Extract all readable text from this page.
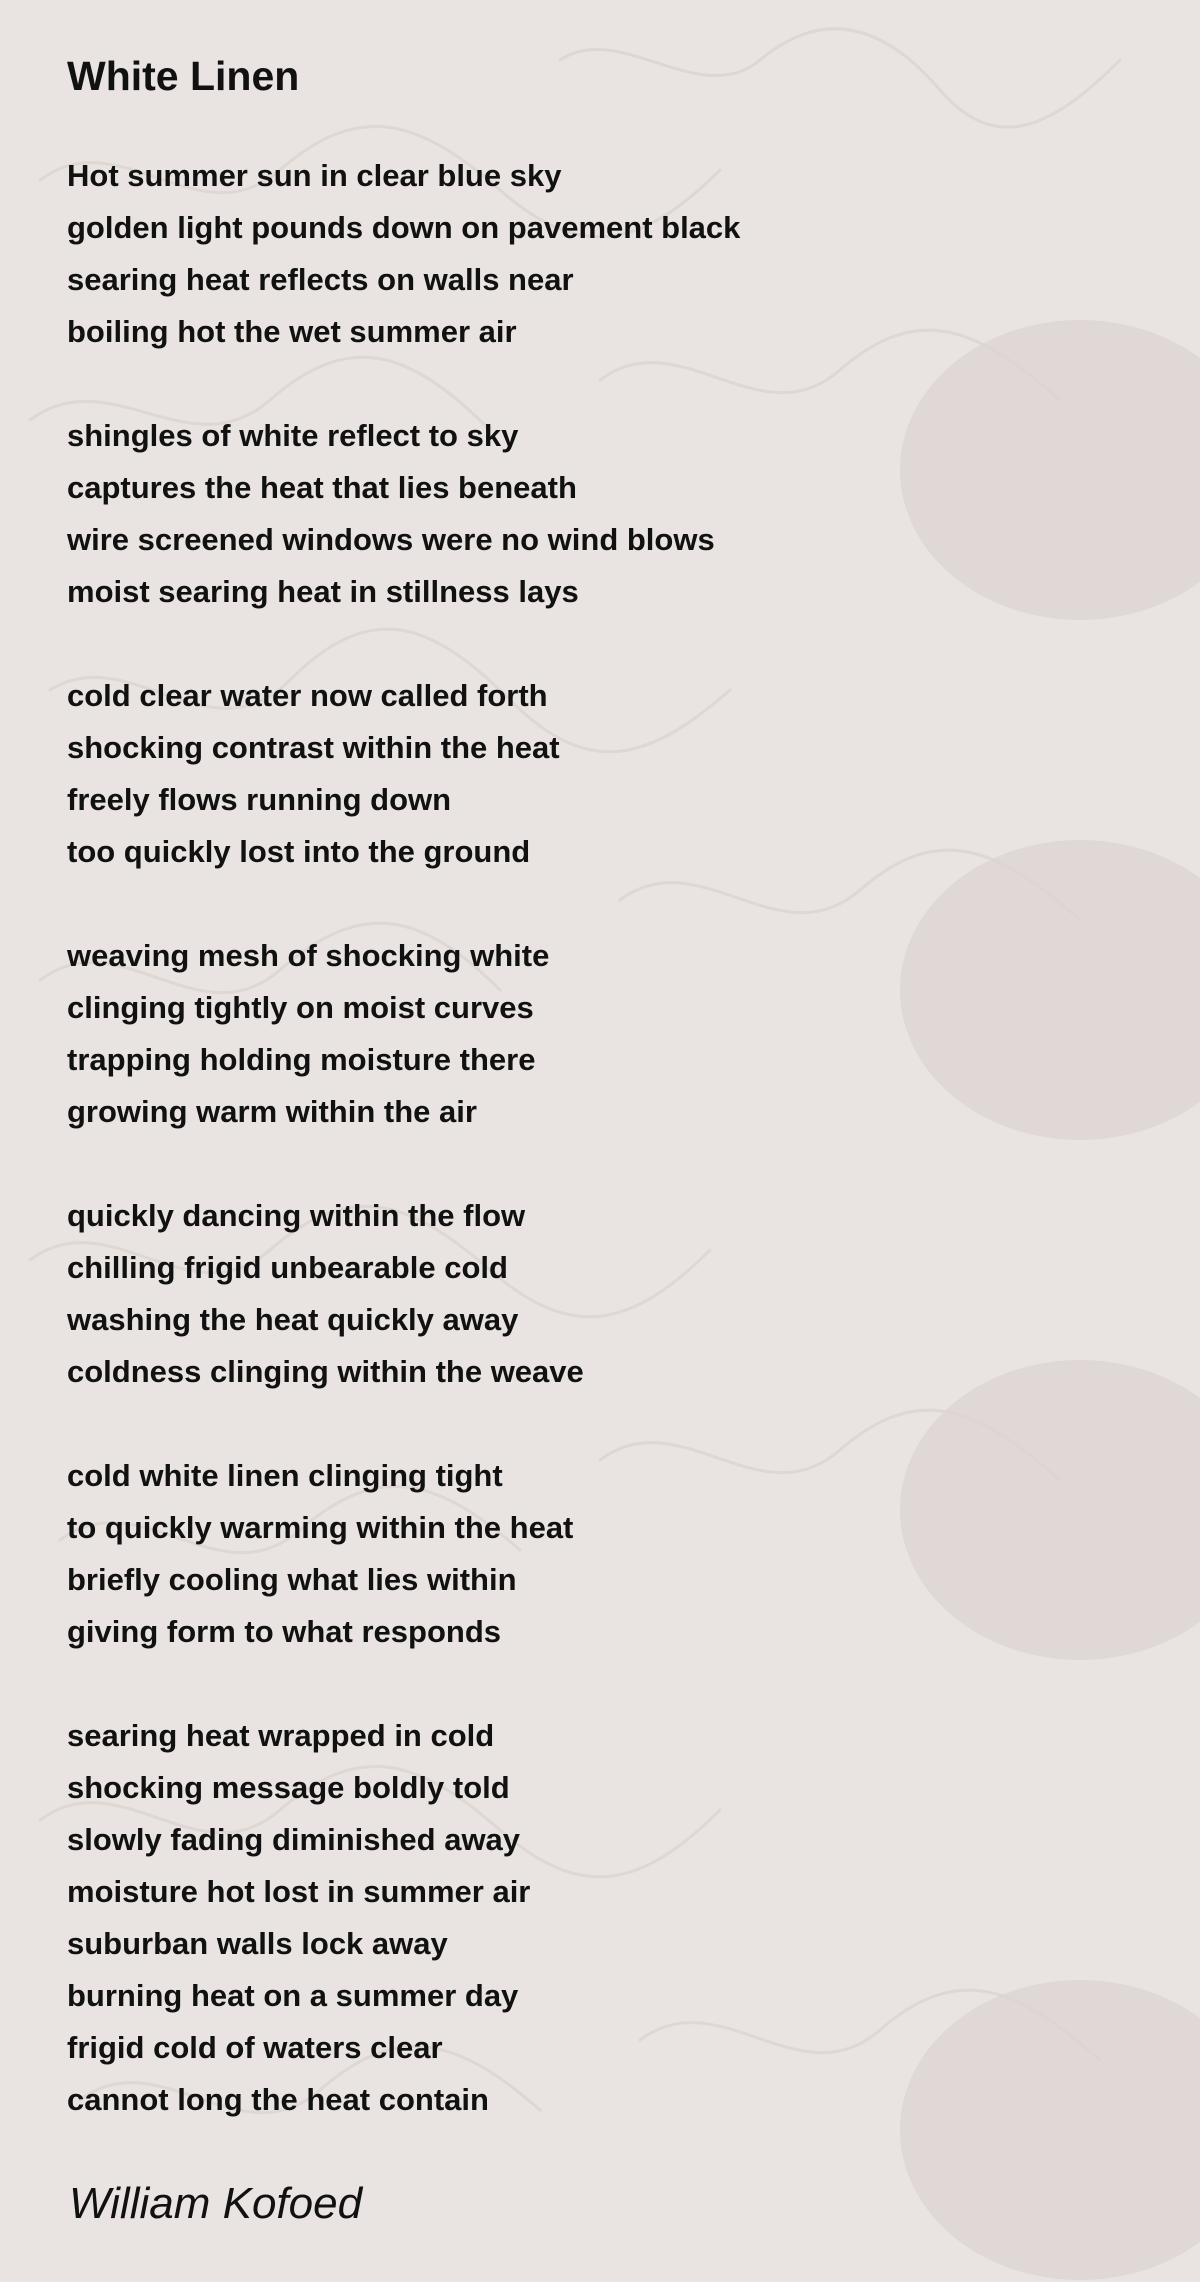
White Linen
Hot summer sun in clear blue sky
golden light pounds down on pavement black
searing heat reflects on walls near
boiling hot the wet summer air
shingles of white reflect to sky
captures the heat that lies beneath
wire screened windows were no wind blows
moist searing heat in stillness lays
cold clear water now called forth
shocking contrast within the heat
freely flows running down
too quickly lost into the ground
weaving mesh of shocking white
clinging tightly on moist curves
trapping holding moisture there
growing warm within the air
quickly dancing within the flow
chilling frigid unbearable cold
washing the heat quickly away
coldness clinging within the weave
cold white linen clinging tight
to quickly warming within the heat
briefly cooling what lies within
giving form to what responds
searing heat wrapped in cold
shocking message boldly told
slowly fading diminished away
moisture hot lost in summer air
suburban walls lock away
burning heat on a summer day
frigid cold of waters clear
cannot long the heat contain
William Kofoed
